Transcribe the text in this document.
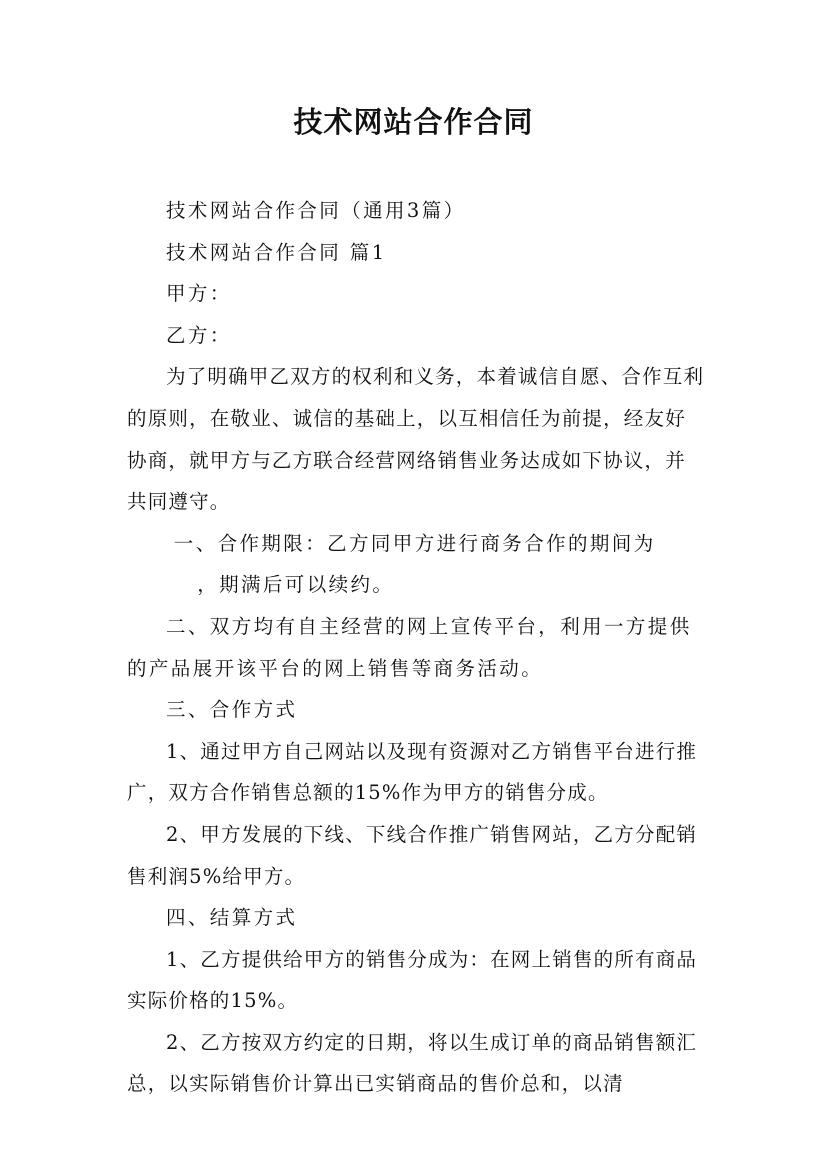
技术网站合作合同

技术网站合作合同（通用3篇）

技术网站合作合同 篇1

甲方：

乙方：

为了明确甲乙双方的权利和义务，本着诚信自愿、合作互利的原则，在敬业、诚信的基础上，以互相信任为前提，经友好协商，就甲方与乙方联合经营网络销售业务达成如下协议，并共同遵守。

一、合作期限：乙方同甲方进行商务合作的期间为

，期满后可以续约。

二、双方均有自主经营的网上宣传平台，利用一方提供的产品展开该平台的网上销售等商务活动。

三、合作方式

1、通过甲方自己网站以及现有资源对乙方销售平台进行推广，双方合作销售总额的15%作为甲方的销售分成。

2、甲方发展的下线、下线合作推广销售网站，乙方分配销售利润5%给甲方。

四、结算方式

1、乙方提供给甲方的销售分成为：在网上销售的所有商品实际价格的15%。

2、乙方按双方约定的日期，将以生成订单的商品销售额汇总，以实际销售价计算出已实销商品的售价总和，以清
